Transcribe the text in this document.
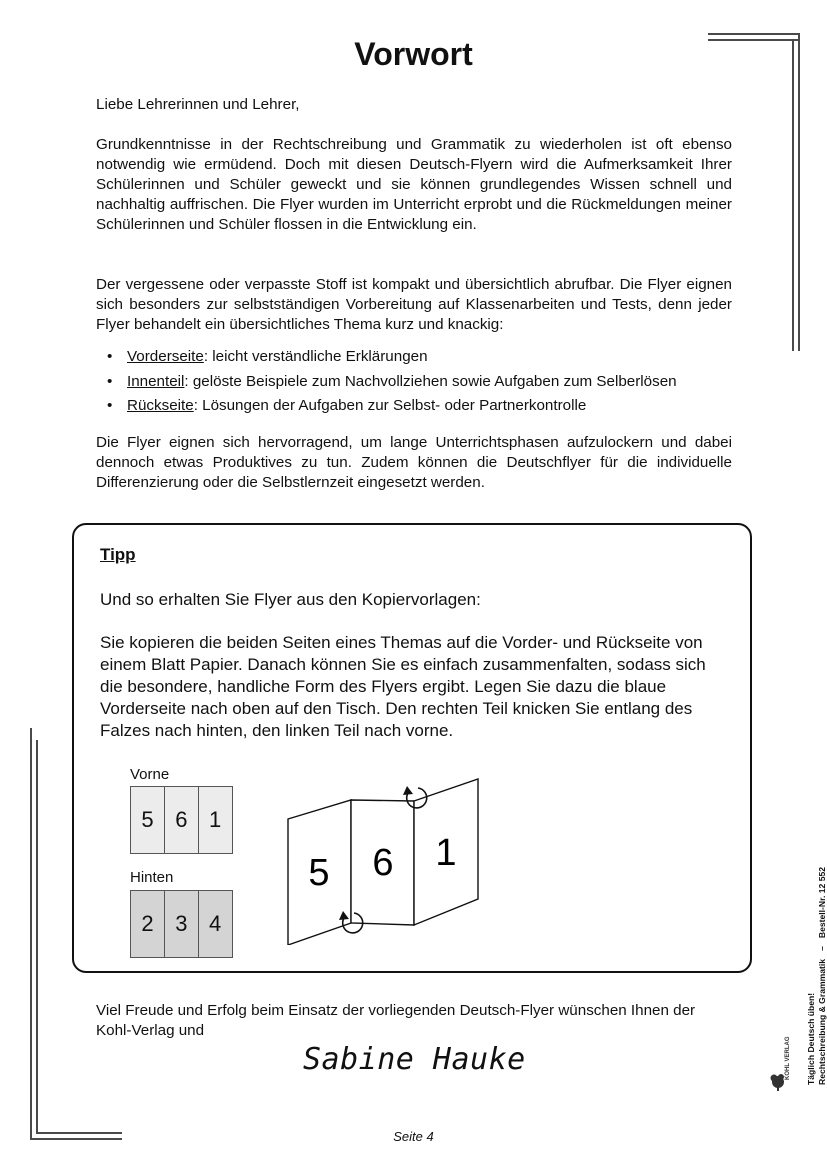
Vorwort

Liebe Lehrerinnen und Lehrer,

Grundkenntnisse in der Rechtschreibung und Grammatik zu wiederholen ist oft ebenso notwendig wie ermüdend. Doch mit diesen Deutsch-Flyern wird die Aufmerksamkeit Ihrer Schülerinnen und Schüler geweckt und sie können grundlegendes Wissen schnell und nachhaltig auffrischen. Die Flyer wurden im Unterricht erprobt und die Rückmeldungen meiner Schülerinnen und Schüler flossen in die Entwicklung ein.

Der vergessene oder verpasste Stoff ist kompakt und übersichtlich abrufbar. Die Flyer eignen sich besonders zur selbstständigen Vorbereitung auf Klassenarbeiten und Tests, denn jeder Flyer behandelt ein übersichtliches Thema kurz und knackig:

• Vorderseite: leicht verständliche Erklärungen
• Innenteil: gelöste Beispiele zum Nachvollziehen sowie Aufgaben zum Selberlösen
• Rückseite: Lösungen der Aufgaben zur Selbst- oder Partnerkontrolle

Die Flyer eignen sich hervorragend, um lange Unterrichtsphasen aufzulockern und dabei dennoch etwas Produktives zu tun. Zudem können die Deutschflyer für die individuelle Differenzierung oder die Selbstlernzeit eingesetzt werden.

Tipp

Und so erhalten Sie Flyer aus den Kopiervorlagen:

Sie kopieren die beiden Seiten eines Themas auf die Vorder- und Rückseite von einem Blatt Papier. Danach können Sie es einfach zusammenfalten, sodass sich die besondere, handliche Form des Flyers ergibt. Legen Sie dazu die blaue Vorderseite nach oben auf den Tisch. Den rechten Teil knicken Sie entlang des Falzes nach hinten, den linken Teil nach vorne.

Vorne

5 6 1

Hinten

2 3 4
5 6 1

Viel Freude und Erfolg beim Einsatz der vorliegenden Deutsch-Flyer wünschen Ihnen der Kohl-Verlag und

Sabine Hauke

Seite 4

Täglich Deutsch üben! Rechtschreibung & Grammatik–Bestell-Nr. 12 552
KOHL VERLAG
